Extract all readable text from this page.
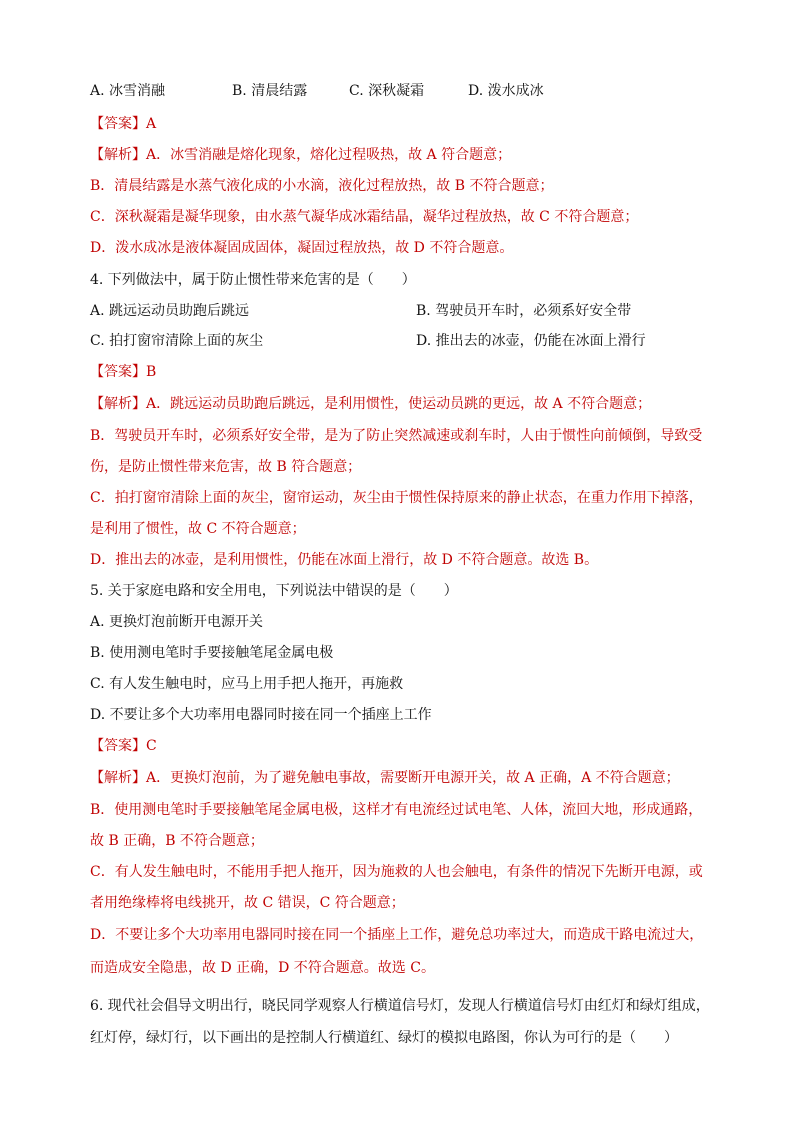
A. 冰雪消融	B. 清晨结露	C. 深秋凝霜	D. 泼水成冰
【答案】A
【解析】A．冰雪消融是熔化现象，熔化过程吸热，故 A 符合题意；
B．清晨结露是水蒸气液化成的小水滴，液化过程放热，故 B 不符合题意；
C．深秋凝霜是凝华现象，由水蒸气凝华成冰霜结晶，凝华过程放热，故 C 不符合题意；
D．泼水成冰是液体凝固成固体，凝固过程放热，故 D 不符合题意。
4. 下列做法中，属于防止惯性带来危害的是（　　）
A. 跳远运动员助跑后跳远	B. 驾驶员开车时，必须系好安全带
C. 拍打窗帘清除上面的灰尘	D. 推出去的冰壶，仍能在冰面上滑行
【答案】B
【解析】A．跳远运动员助跑后跳远，是利用惯性，使运动员跳的更远，故 A 不符合题意；
B．驾驶员开车时，必须系好安全带，是为了防止突然减速或刹车时，人由于惯性向前倾倒，导致受
伤，是防止惯性带来危害，故 B 符合题意；
C．拍打窗帘清除上面的灰尘，窗帘运动，灰尘由于惯性保持原来的静止状态，在重力作用下掉落，
是利用了惯性，故 C 不符合题意；
D．推出去的冰壶，是利用惯性，仍能在冰面上滑行，故 D 不符合题意。故选 B。
5. 关于家庭电路和安全用电，下列说法中错误的是（　　）
A. 更换灯泡前断开电源开关
B. 使用测电笔时手要接触笔尾金属电极
C. 有人发生触电时，应马上用手把人拖开，再施救
D. 不要让多个大功率用电器同时接在同一个插座上工作
【答案】C
【解析】A．更换灯泡前，为了避免触电事故，需要断开电源开关，故 A 正确，A 不符合题意；
B．使用测电笔时手要接触笔尾金属电极，这样才有电流经过试电笔、人体，流回大地，形成通路，
故 B 正确，B 不符合题意；
C．有人发生触电时，不能用手把人拖开，因为施救的人也会触电，有条件的情况下先断开电源，或
者用绝缘棒将电线挑开，故 C 错误，C 符合题意；
D．不要让多个大功率用电器同时接在同一个插座上工作，避免总功率过大，而造成干路电流过大，
而造成安全隐患，故 D 正确，D 不符合题意。故选 C。
6. 现代社会倡导文明出行，晓民同学观察人行横道信号灯，发现人行横道信号灯由红灯和绿灯组成，
红灯停，绿灯行，以下画出的是控制人行横道红、绿灯的模拟电路图，你认为可行的是（　　）
